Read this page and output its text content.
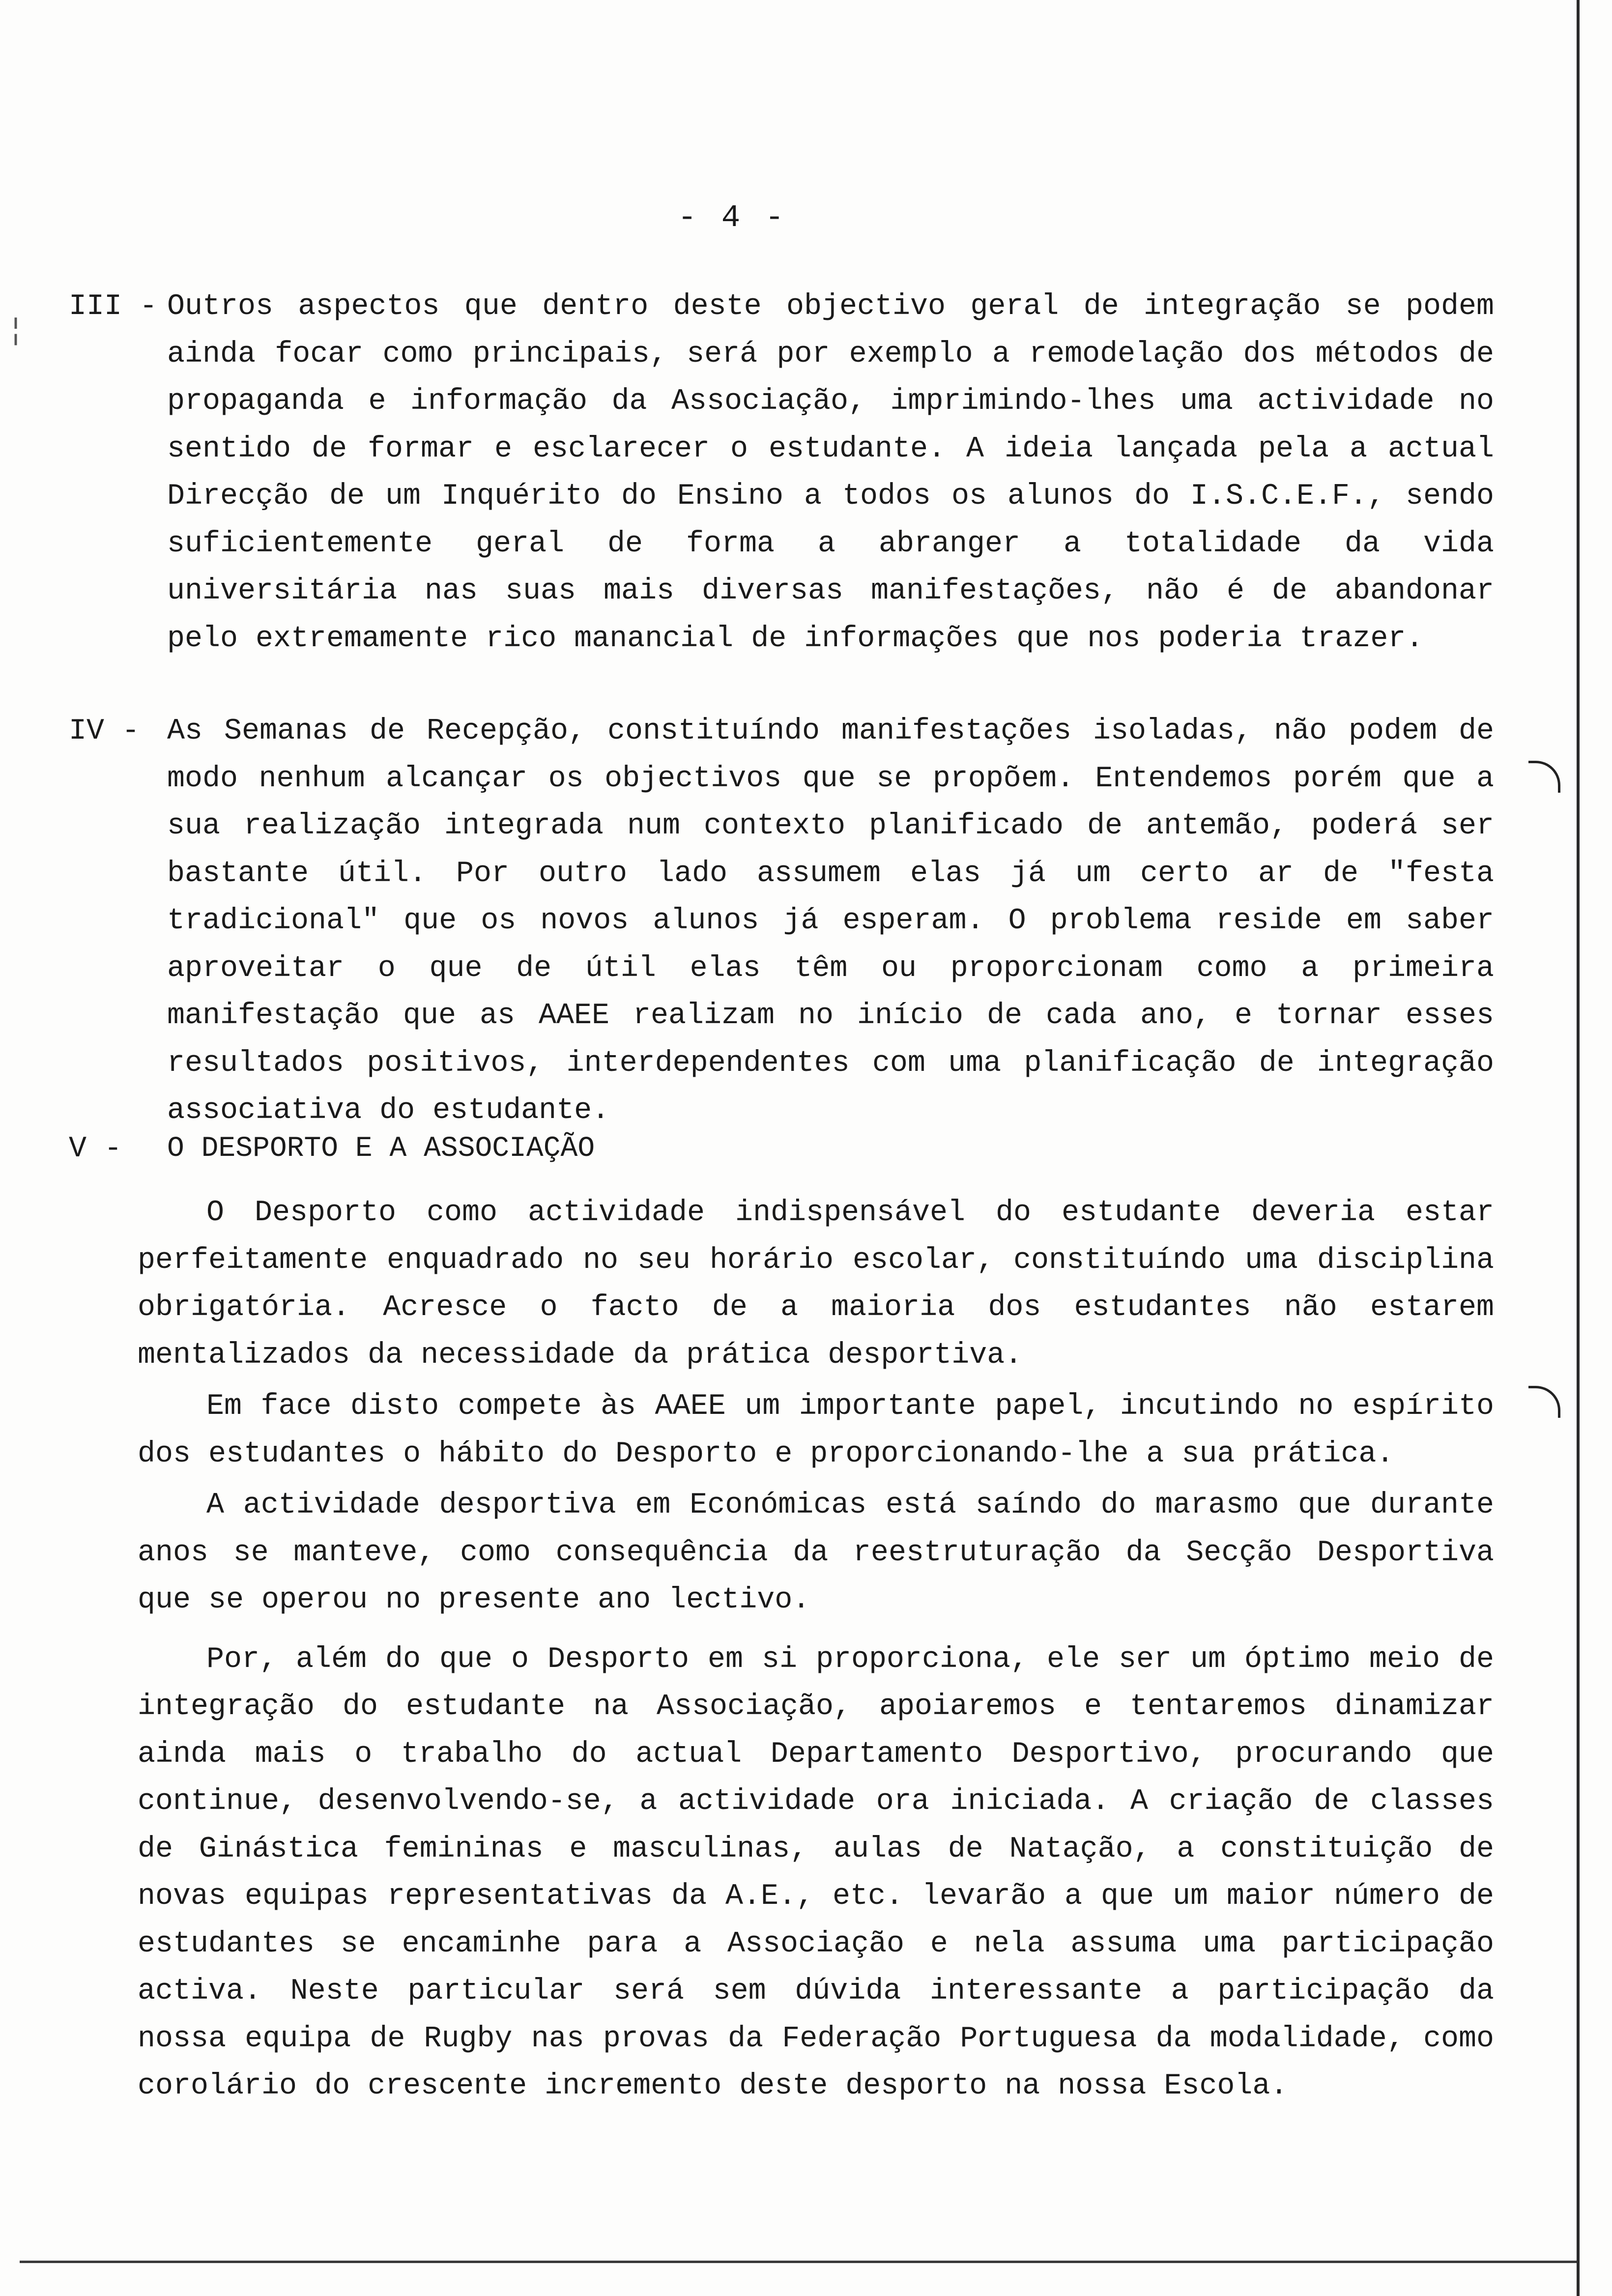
¦
- 4 -
III - Outros aspectos que dentro deste objectivo geral de integração se podem ainda focar como principais, será por exemplo a remodelação dos métodos de propaganda e informação da Associação, imprimindo-lhes uma actividade no sentido de formar e esclarecer o estudante. A ideia lançada pela a actual Direcção de um Inquérito do Ensino a todos os alunos do I.S.C.E.F., sendo suficientemente geral de forma a abranger a totalidade da vida universitária nas suas mais diversas manifestações, não é de abandonar pelo extremamente rico manancial de informações que nos poderia trazer.

IV - As Semanas de Recepção, constituíndo manifestações isoladas, não podem de modo nenhum alcançar os objectivos que se propõem. Entendemos porém que a sua realização integrada num contexto planificado de antemão, poderá ser bastante útil. Por outro lado assumem elas já um certo ar de "festa tradicional" que os novos alunos já esperam. O problema reside em saber aproveitar o que de útil elas têm ou proporcionam como a primeira manifestação que as AAEE realizam no início de cada ano, e tornar esses resultados positivos, interdependentes com uma planificação de integração associativa do estudante.

V -	O DESPORTO E A ASSOCIAÇÃO

O Desporto como actividade indispensável do estudante deveria estar perfeitamente enquadrado no seu horário escolar, constituíndo uma disciplina obrigatória. Acresce o facto de a maioria dos estudantes não estarem mentalizados da necessidade da prática desportiva.

Em face disto compete às AAEE um importante papel, incutindo no espírito dos estudantes o hábito do Desporto e proporcionando-lhe a sua prática.

A actividade desportiva em Económicas está saíndo do marasmo que durante anos se manteve, como consequência da reestruturação da Secção Desportiva que se operou no presente ano lectivo.

Por, além do que o Desporto em si proporciona, ele ser um óptimo meio de integração do estudante na Associação, apoiaremos e tentaremos dinamizar ainda mais o trabalho do actual Departamento Desportivo, procurando que continue, desenvolvendo-se, a actividade ora iniciada. A criação de classes de Ginástica femininas e masculinas, aulas de Natação, a constituição de novas equipas representativas da A.E., etc. levarão a que um maior número de estudantes se encaminhe para a Associação e nela assuma uma participação activa. Neste particular será sem dúvida interessante a participação da nossa equipa de Rugby nas provas da Federação Portuguesa da modalidade, como corolário do crescente incremento deste desporto na nossa Escola.
